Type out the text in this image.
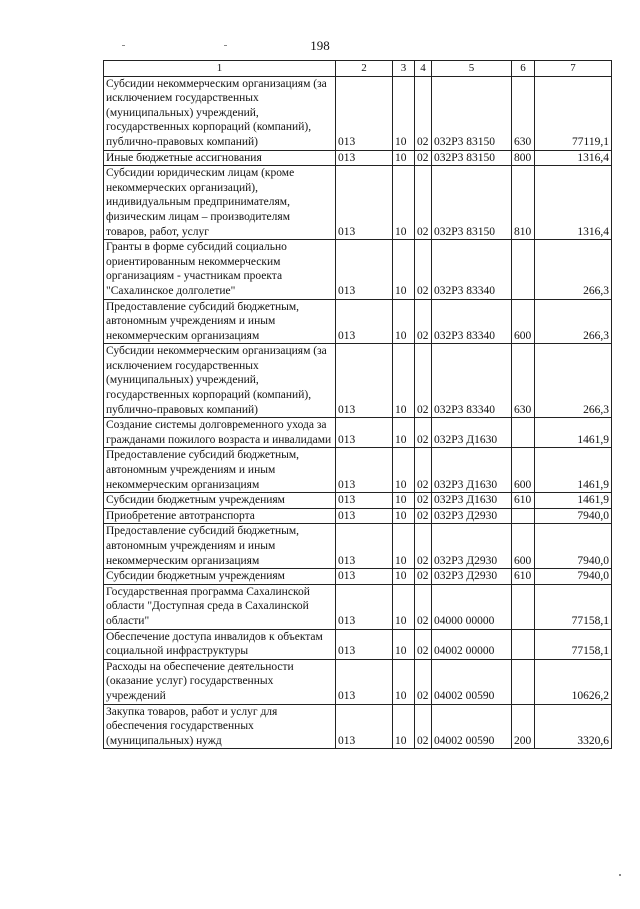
198
1	2	3	4	5	6	7
Субсидии некоммерческим организациям (за исключением государственных (муниципальных) учреждений, государственных корпораций (компаний), публично-правовых компаний)	013	10	02	032Р3 83150	630	77119,1
Иные бюджетные ассигнования	013	10	02	032Р3 83150	800	1316,4
Субсидии юридическим лицам (кроме некоммерческих организаций), индивидуальным предпринимателям, физическим лицам – производителям товаров, работ, услуг	013	10	02	032Р3 83150	810	1316,4
Гранты в форме субсидий социально ориентированным некоммерческим организациям - участникам проекта "Сахалинское долголетие"	013	10	02	032Р3 83340		266,3
Предоставление субсидий бюджетным, автономным учреждениям и иным некоммерческим организациям	013	10	02	032Р3 83340	600	266,3
Субсидии некоммерческим организациям (за исключением государственных (муниципальных) учреждений, государственных корпораций (компаний), публично-правовых компаний)	013	10	02	032Р3 83340	630	266,3
Создание системы долговременного ухода за гражданами пожилого возраста и инвалидами	013	10	02	032Р3 Д1630		1461,9
Предоставление субсидий бюджетным, автономным учреждениям и иным некоммерческим организациям	013	10	02	032Р3 Д1630	600	1461,9
Субсидии бюджетным учреждениям	013	10	02	032Р3 Д1630	610	1461,9
Приобретение автотранспорта	013	10	02	032Р3 Д2930		7940,0
Предоставление субсидий бюджетным, автономным учреждениям и иным некоммерческим организациям	013	10	02	032Р3 Д2930	600	7940,0
Субсидии бюджетным учреждениям	013	10	02	032Р3 Д2930	610	7940,0
Государственная программа Сахалинской области "Доступная среда в Сахалинской области"	013	10	02	04000 00000		77158,1
Обеспечение доступа инвалидов к объектам социальной инфраструктуры	013	10	02	04002 00000		77158,1
Расходы на обеспечение деятельности (оказание услуг) государственных учреждений	013	10	02	04002 00590		10626,2
Закупка товаров, работ и услуг для обеспечения государственных (муниципальных) нужд	013	10	02	04002 00590	200	3320,6
